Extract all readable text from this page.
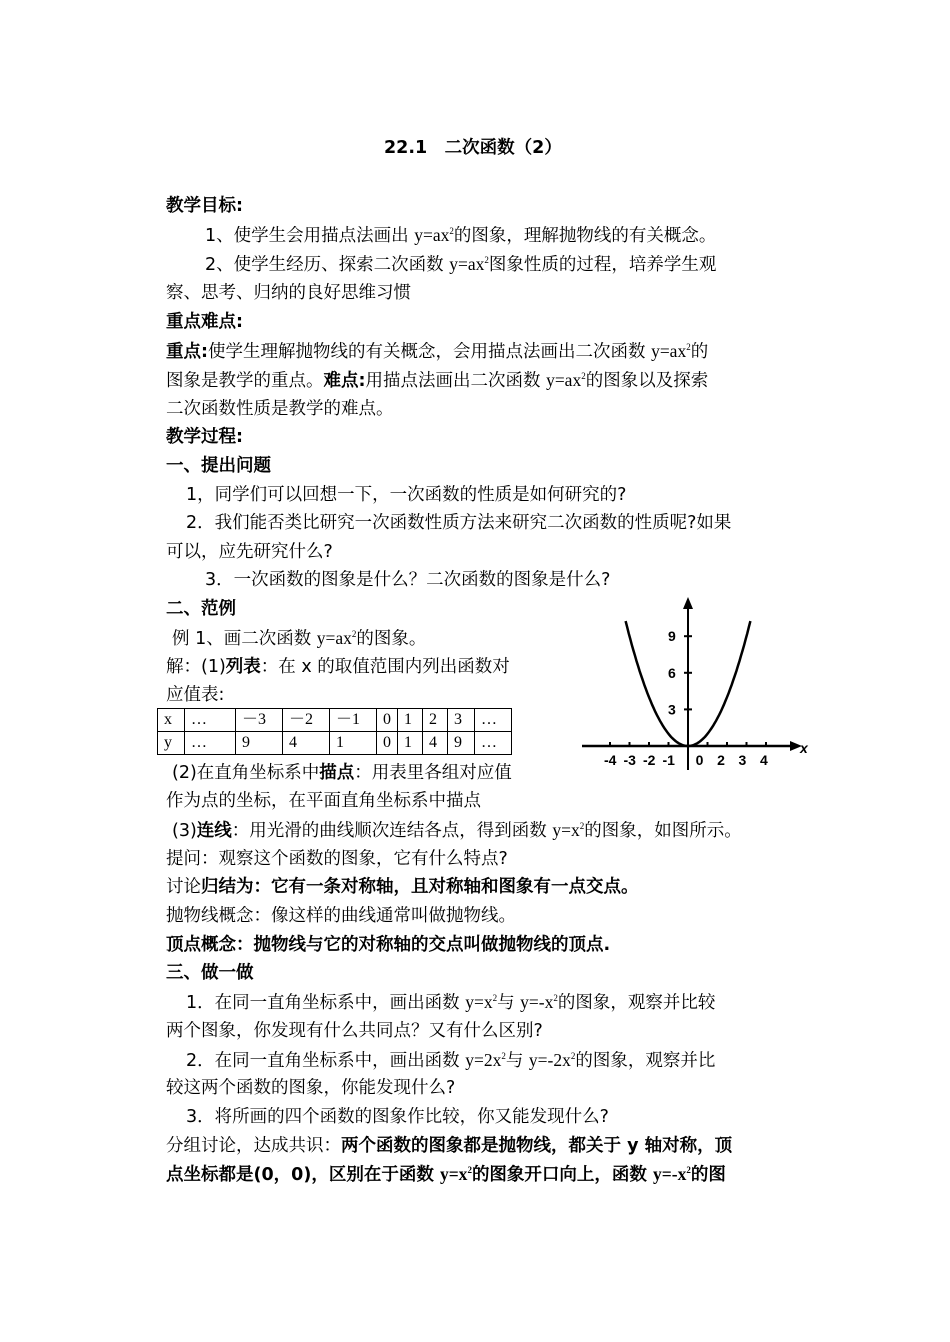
22.1　二次函数（2）
教学目标:
1、使学生会用描点法画出 $y=ax^2$的图象，理解抛物线的有关概念。
2、使学生经历、探索二次函数 $y=ax^2$图象性质的过程，培养学生观
察、思考、归纳的良好思维习惯
重点难点:
重点:使学生理解抛物线的有关概念，会用描点法画出二次函数 $y=ax^2$的
图象是教学的重点。难点:用描点法画出二次函数 $y=ax^2$的图象以及探索
二次函数性质是教学的难点。
教学过程:
一、提出问题
1，同学们可以回想一下，一次函数的性质是如何研究的?
2．我们能否类比研究一次函数性质方法来研究二次函数的性质呢?如果
可以，应先研究什么?
3．一次函数的图象是什么？二次函数的图象是什么?
二、范例
例 1、画二次函数 $y=ax^2$的图象。
解：(1)列表：在 x 的取值范围内列出函数对
应值表:
x	…	－3	－2	－1	0	1	2	3	…
y	…	9	4	1	0	1	4	9	…	x
-4 -3 -2 -1 0 2 3 4
3
6
9
(2)在直角坐标系中描点：用表里各组对应值
作为点的坐标，在平面直角坐标系中描点
(3)连线：用光滑的曲线顺次连结各点，得到函数 $y=x^2$的图象，如图所示。
提问：观察这个函数的图象，它有什么特点?
讨论归结为：它有一条对称轴，且对称轴和图象有一点交点。
抛物线概念：像这样的曲线通常叫做抛物线。
顶点概念：抛物线与它的对称轴的交点叫做抛物线的顶点.
三、做一做
1．在同一直角坐标系中，画出函数 $y=x^2$与 $y=-x^2$的图象，观察并比较
两个图象，你发现有什么共同点？又有什么区别?
2．在同一直角坐标系中，画出函数 $y=2x^2$与 $y=-2x^2$的图象，观察并比
较这两个函数的图象，你能发现什么?
3．将所画的四个函数的图象作比较，你又能发现什么?
分组讨论，达成共识：两个函数的图象都是抛物线，都关于 y 轴对称，顶
点坐标都是(0，0)，区别在于函数 $y=x^2$的图象开口向上，函数 $y=-x^2$的图
